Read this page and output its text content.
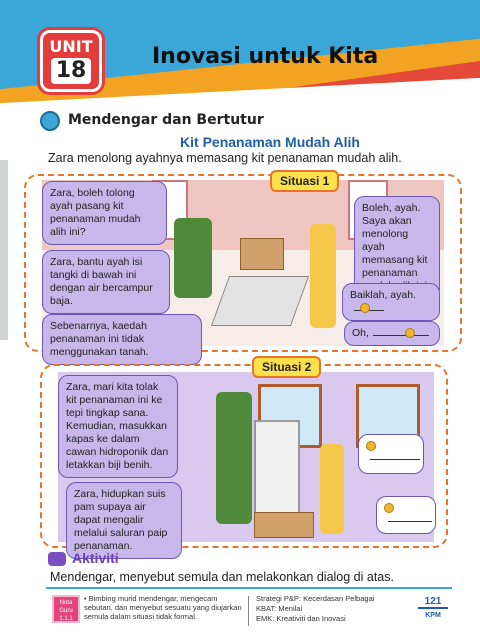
UNIT
18
Inovasi untuk Kita
Mendengar dan Bertutur
Kit Penanaman Mudah Alih
Zara menolong ayahnya memasang kit penanaman mudah alih.
Situasi 1
Zara, boleh tolong ayah pasang kit penanaman mudah alih ini?
Zara, bantu ayah isi tangki di bawah ini dengan air bercampur baja.
Sebenarnya, kaedah penanaman ini tidak menggunakan tanah.
Boleh, ayah. Saya akan menolong ayah memasang kit penanaman
Baiklah, ayah.
Oh,
Situasi 2
Zara, mari kita tolak kit penanaman ini ke tepi tingkap sana. Kemudian, masukkan kapas ke dalam cawan hidroponik dan letakkan biji benih.
Zara, hidupkan suis pam supaya air dapat mengalir melalui saluran paip penanaman.
Aktiviti
Mendengar, menyebut semula dan melakonkan dialog di atas.
Nota Guru 1.1.1
• Bimbing murid mendengar, mengecam sebutan, dan menyebut sesuatu yang diujarkan semula dalam situasi tidak formal.
Strategi P&P: Kecerdasan Pelbagai
KBAT: Menilai
EMK: Kreativiti dan Inovasi
121
KPM
